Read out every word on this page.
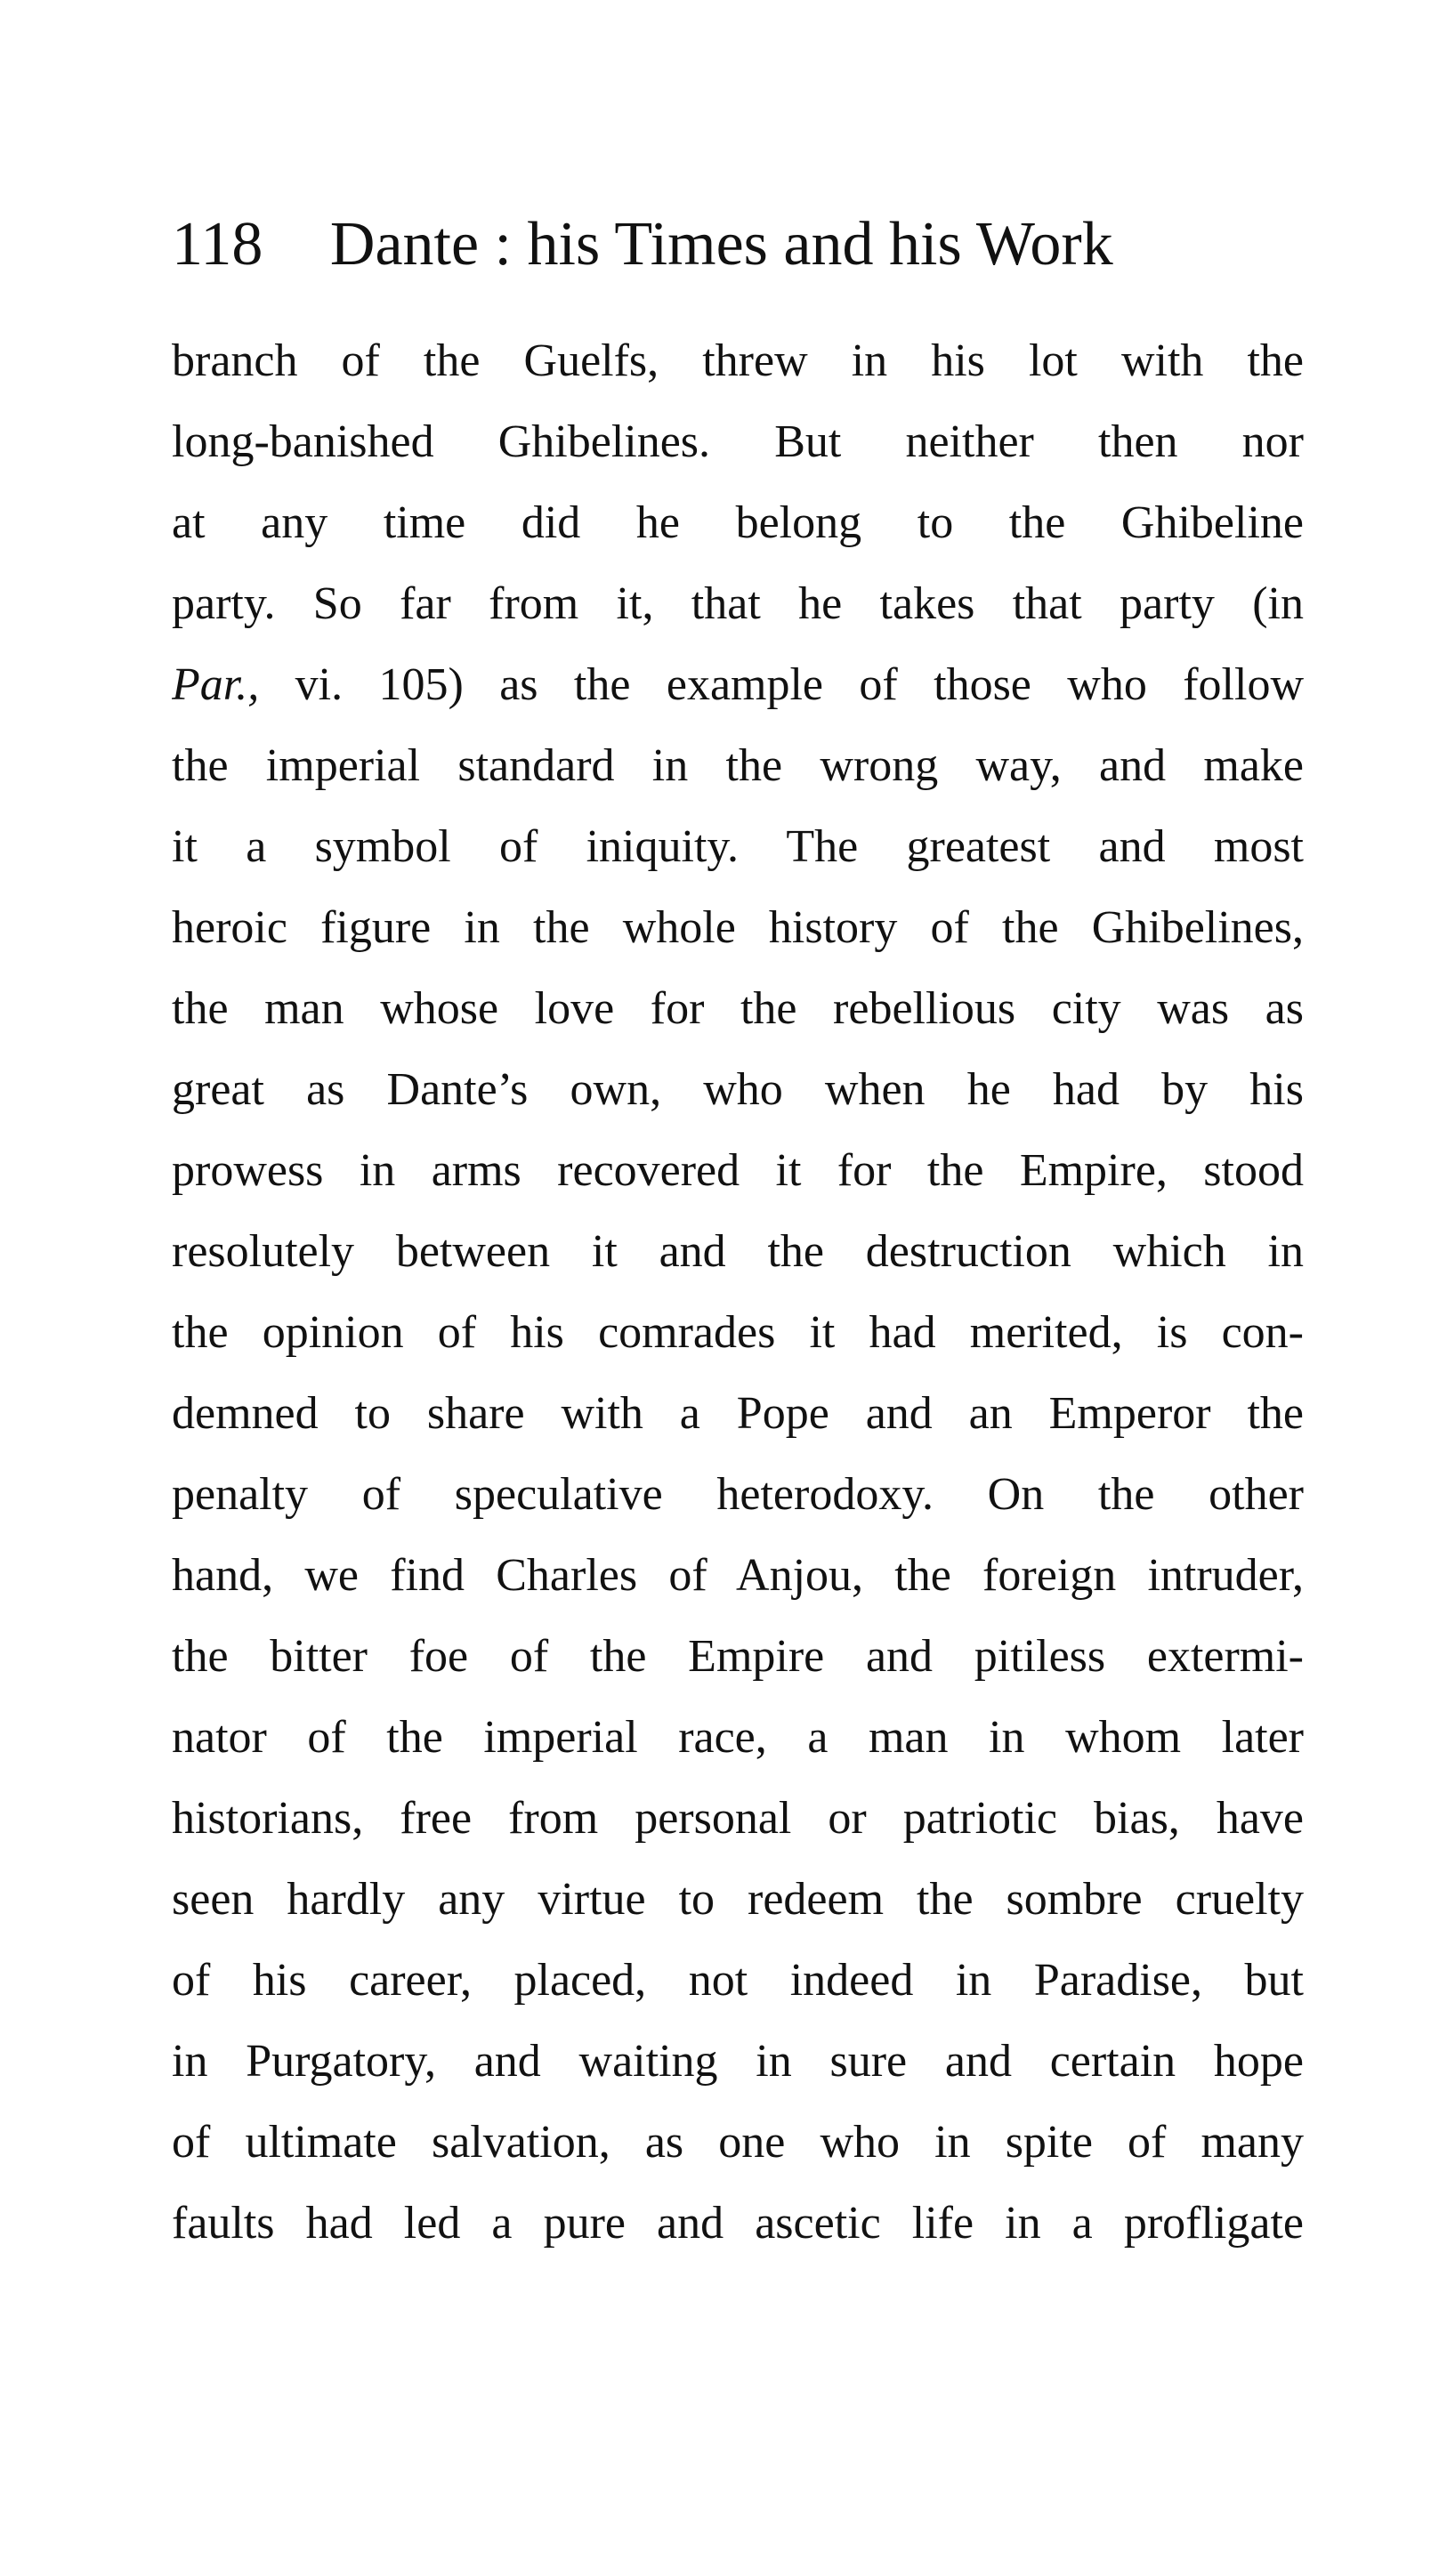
118 Dante : his Times and his Work
branch of the Guelfs, threw in his lot with the
long-banished Ghibelines. But neither then nor
at any time did he belong to the Ghibeline
party. So far from it, that he takes that party (in
Par., vi. 105) as the example of those who follow
the imperial standard in the wrong way, and make
it a symbol of iniquity. The greatest and most
heroic figure in the whole history of the Ghibelines,
the man whose love for the rebellious city was as
great as Dante’s own, who when he had by his
prowess in arms recovered it for the Empire, stood
resolutely between it and the destruction which in
the opinion of his comrades it had merited, is con-
demned to share with a Pope and an Emperor the
penalty of speculative heterodoxy. On the other
hand, we find Charles of Anjou, the foreign intruder,
the bitter foe of the Empire and pitiless extermi-
nator of the imperial race, a man in whom later
historians, free from personal or patriotic bias, have
seen hardly any virtue to redeem the sombre cruelty
of his career, placed, not indeed in Paradise, but
in Purgatory, and waiting in sure and certain hope
of ultimate salvation, as one who in spite of many
faults had led a pure and ascetic life in a profligate
